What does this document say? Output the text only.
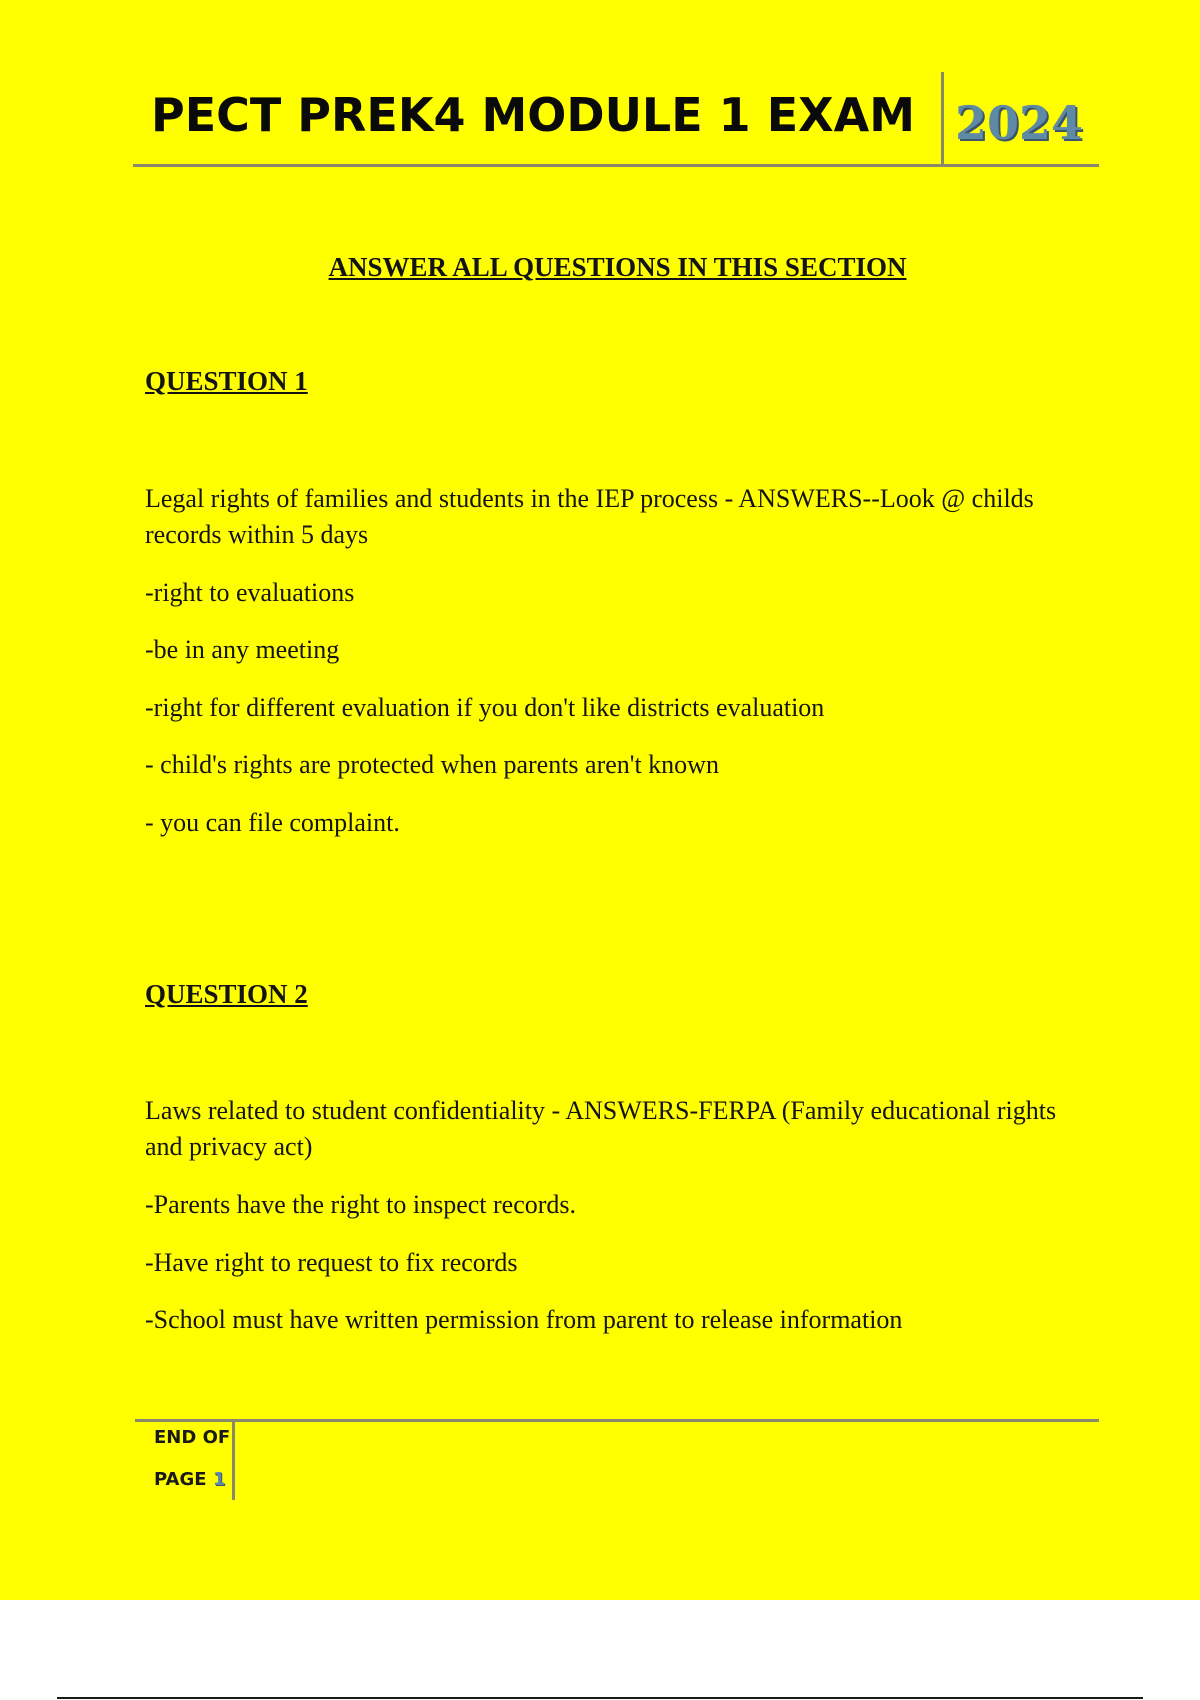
PECT PREK4 MODULE 1 EXAM 2024
ANSWER ALL QUESTIONS IN THIS SECTION
QUESTION 1
Legal rights of families and students in the IEP process - ANSWERS--Look @ childs records within 5 days
-right to evaluations
-be in any meeting
-right for different evaluation if you don't like districts evaluation
- child's rights are protected when parents aren't known
- you can file complaint.
QUESTION 2
Laws related to student confidentiality - ANSWERS-FERPA (Family educational rights and privacy act)
-Parents have the right to inspect records.
-Have right to request to fix records
-School must have written permission from parent to release information
END OF
PAGE 1
